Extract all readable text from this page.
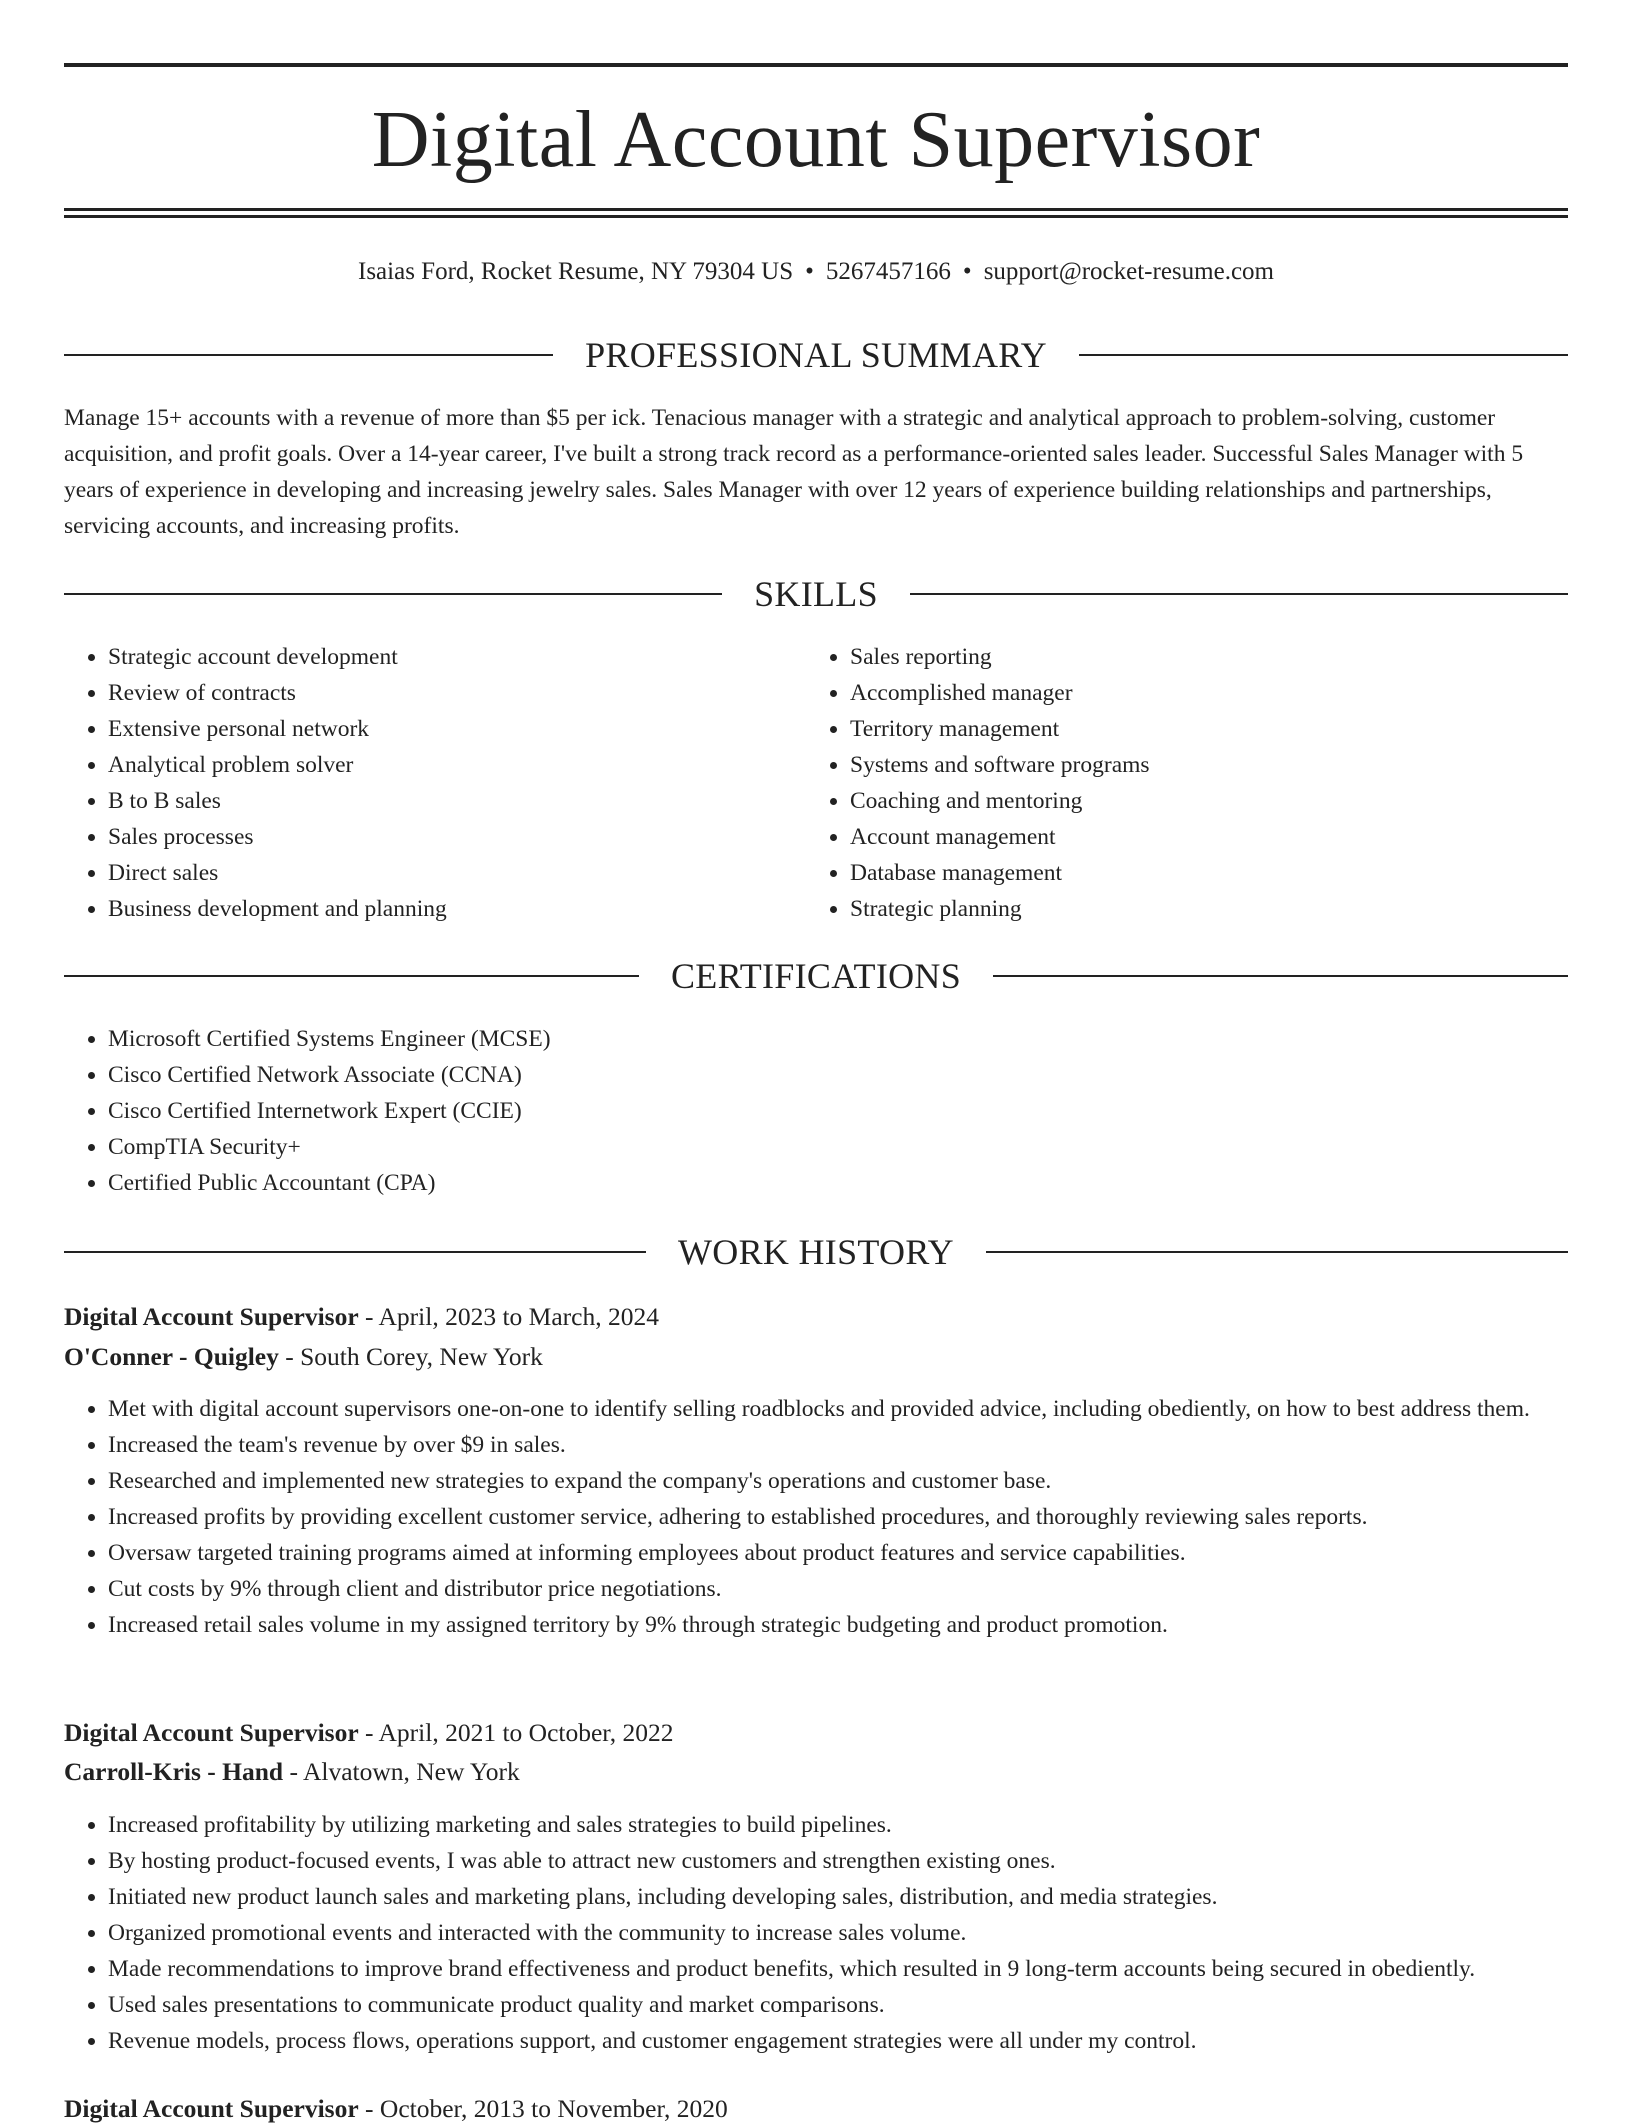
Digital Account Supervisor
Isaias Ford, Rocket Resume, NY 79304 US • 5267457166 • support@rocket-resume.com
PROFESSIONAL SUMMARY

Manage 15+ accounts with a revenue of more than $5 per ick. Tenacious manager with a strategic and analytical approach to problem-solving, customer acquisition, and profit goals. Over a 14-year career, I've built a strong track record as a performance-oriented sales leader. Successful Sales Manager with 5 years of experience in developing and increasing jewelry sales. Sales Manager with over 12 years of experience building relationships and partnerships, servicing accounts, and increasing profits.

SKILLS
• Strategic account development
• Review of contracts
• Extensive personal network
• Analytical problem solver
• B to B sales
• Sales processes
• Direct sales
• Business development and planning
• Sales reporting
• Accomplished manager
• Territory management
• Systems and software programs
• Coaching and mentoring
• Account management
• Database management
• Strategic planning
CERTIFICATIONS
• Microsoft Certified Systems Engineer (MCSE)
• Cisco Certified Network Associate (CCNA)
• Cisco Certified Internetwork Expert (CCIE)
• CompTIA Security+
• Certified Public Accountant (CPA)
WORK HISTORY
Digital Account Supervisor - April, 2023 to March, 2024
O'Conner - Quigley - South Corey, New York
• Met with digital account supervisors one-on-one to identify selling roadblocks and provided advice, including obediently, on how to best address them.
• Increased the team's revenue by over $9 in sales.
• Researched and implemented new strategies to expand the company's operations and customer base.
• Increased profits by providing excellent customer service, adhering to established procedures, and thoroughly reviewing sales reports.
• Oversaw targeted training programs aimed at informing employees about product features and service capabilities.
• Cut costs by 9% through client and distributor price negotiations.
• Increased retail sales volume in my assigned territory by 9% through strategic budgeting and product promotion.
Digital Account Supervisor - April, 2021 to October, 2022
Carroll-Kris - Hand - Alvatown, New York
• Increased profitability by utilizing marketing and sales strategies to build pipelines.
• By hosting product-focused events, I was able to attract new customers and strengthen existing ones.
• Initiated new product launch sales and marketing plans, including developing sales, distribution, and media strategies.
• Organized promotional events and interacted with the community to increase sales volume.
• Made recommendations to improve brand effectiveness and product benefits, which resulted in 9 long-term accounts being secured in obediently.
• Used sales presentations to communicate product quality and market comparisons.
• Revenue models, process flows, operations support, and customer engagement strategies were all under my control.
Digital Account Supervisor - October, 2013 to November, 2020
